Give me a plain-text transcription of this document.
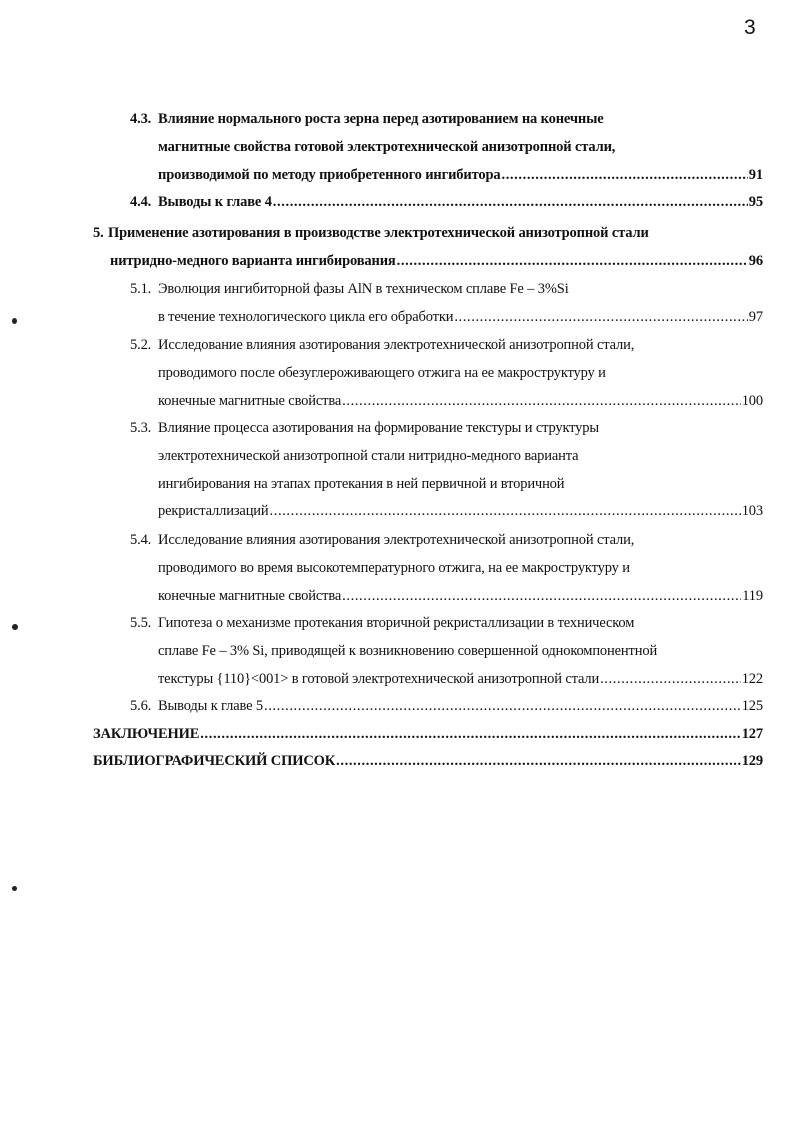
3
4.3. Влияние нормального роста зерна перед азотированием на конечные
магнитные свойства готовой электротехнической анизотропной стали,
производимой по методу приобретенного ингибитора .....	91
4.4. Выводы к главе 4 .....	95
5. Применение азотирования в производстве электротехнической анизотропной стали
нитридно-медного варианта ингибирования .....	96
5.1. Эволюция ингибиторной фазы AlN в техническом сплаве Fe – 3%Si
в течение технологического цикла его обработки .....	97
5.2. Исследование влияния азотирования электротехнической анизотропной стали,
проводимого после обезуглероживающего отжига на ее макроструктуру и
конечные магнитные свойства .....	100
5.3. Влияние процесса азотирования на формирование текстуры и структуры
электротехнической анизотропной стали нитридно-медного варианта
ингибирования на этапах протекания в ней первичной и вторичной
рекристаллизаций .....	103
5.4. Исследование влияния азотирования электротехнической анизотропной стали,
проводимого во время высокотемпературного отжига, на ее макроструктуру и
конечные магнитные свойства .....	119
5.5. Гипотеза о механизме протекания вторичной рекристаллизации в техническом
сплаве Fe – 3% Si, приводящей к возникновению совершенной однокомпонентной
текстуры {110}<001> в готовой электротехнической анизотропной стали .....	122
5.6. Выводы к главе 5 .....	125
ЗАКЛЮЧЕНИЕ .....	127
БИБЛИОГРАФИЧЕСКИЙ СПИСОК .....	129
